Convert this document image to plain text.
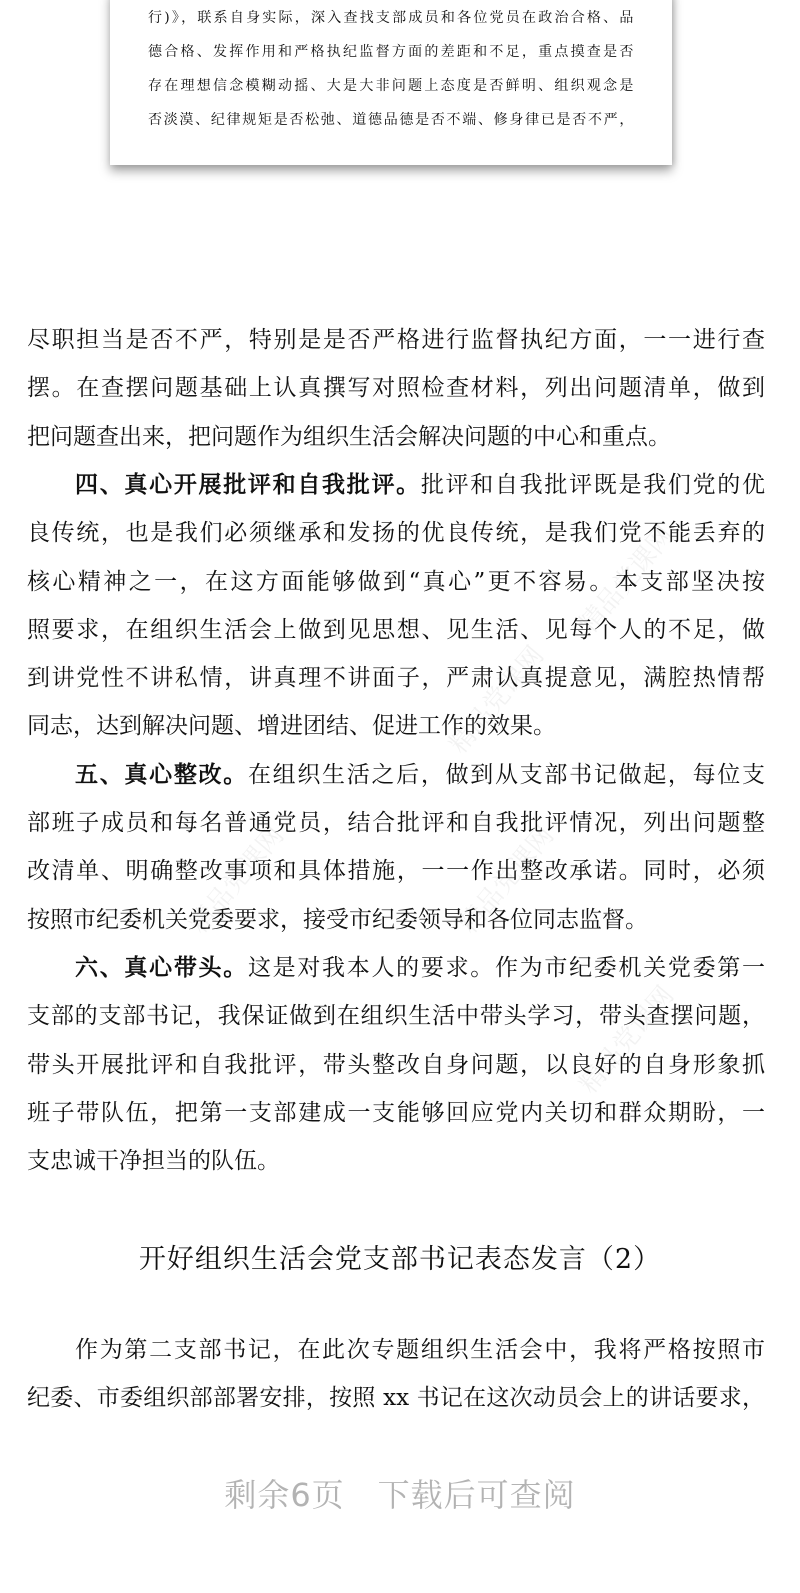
行)》，联系自身实际，深入查找支部成员和各位党员在政治合格、品
德合格、发挥作用和严格执纪监督方面的差距和不足，重点摸查是否
存在理想信念模糊动摇、大是大非问题上态度是否鲜明、组织观念是
否淡漠、纪律规矩是否松弛、道德品德是否不端、修身律已是否不严，
尽职担当是否不严，特别是是否严格进行监督执纪方面，一一进行查
摆。在查摆问题基础上认真撰写对照检查材料，列出问题清单，做到
把问题查出来，把问题作为组织生活会解决问题的中心和重点。
四、真心开展批评和自我批评。批评和自我批评既是我们党的优
良传统，也是我们必须继承和发扬的优良传统，是我们党不能丢弃的
核心精神之一，在这方面能够做到“真心”更不容易。本支部坚决按
照要求，在组织生活会上做到见思想、见生活、见每个人的不足，做
到讲党性不讲私情，讲真理不讲面子，严肃认真提意见，满腔热情帮
同志，达到解决问题、增进团结、促进工作的效果。
五、真心整改。在组织生活之后，做到从支部书记做起，每位支
部班子成员和每名普通党员，结合批评和自我批评情况，列出问题整
改清单、明确整改事项和具体措施，一一作出整改承诺。同时，必须
按照市纪委机关党委要求，接受市纪委领导和各位同志监督。
六、真心带头。这是对我本人的要求。作为市纪委机关党委第一
支部的支部书记，我保证做到在组织生活中带头学习，带头查摆问题，
带头开展批评和自我批评，带头整改自身问题，以良好的自身形象抓
班子带队伍，把第一支部建成一支能够回应党内关切和群众期盼，一
支忠诚干净担当的队伍。
作为第二支部书记，在此次专题组织生活会中，我将严格按照市
纪委、市委组织部部署安排，按照 xx 书记在这次动员会上的讲话要求，
开好组织生活会党支部书记表态发言（2）
剩余6页　下载后可查阅
精品党课网
精品党课网
精品党课网	精品党课网
精品党课网
